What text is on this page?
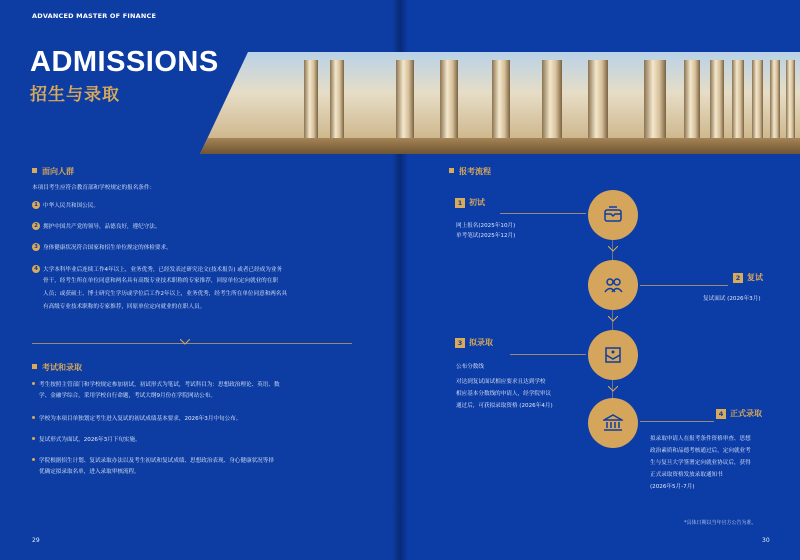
ADVANCED MASTER OF FINANCE
ADMISSIONS
招生与录取
面向人群
本项目考生应符合教育部和学校规定的报名条件：
1 中华人民共和国公民。
2 拥护中国共产党的领导，品德良好，遵纪守法。
3 身体健康状况符合国家和招生单位规定的体检要求。
4 大学本科毕业后连续工作4年以上，业务优秀，已经发表过研究论文(技术报告) 或者已经成为业务
骨干，经考生所在单位同意和两名具有高级专业技术职称的专家推荐，回原单位定向就业的在职
人员；或获硕士、博士研究生学历或学位后工作2年以上，业务优秀，经考生所在单位同意和两名具
有高级专业技术职称的专家推荐，回原单位定向就业的在职人员。
考试和录取
考生按照主管部门和学校规定参加初试，初试形式为笔试，考试科目为：思想政治理论、英语、数
学、金融学综合，采用学校自行命题，考试大纲9月份在学院网站公布。
学校为本项目单独划定考生进入复试的初试成绩基本要求，2026年3月中旬公布。
复试形式为面试，2026年3月下旬实施。
学院根据招生计划、复试录取办法以及考生初试和复试成绩、思想政治表现、身心健康状况等择
优确定拟录取名单，进入录取审核流程。
29	30
报考流程
1 初试
网上报名(2025年10月)
单考笔试(2025年12月)
2 复试
复试面试 (2026年3月)
3 拟录取
公布分数线
对达到复试面试相应要求且达到学校
相应基本分数线的申请人，经学院审议
通过后，可获拟录取资格 (2026年4月)
4 正式录取
拟录取申请人在报考条件资格审查、思想
政治素质和品德考核通过后，定向就业考
生与复旦大学签署定向就业协议后，获得
正式录取资格发放录取通知书
(2026年5月-7月)
*具体日期以当年官方公告为准。
